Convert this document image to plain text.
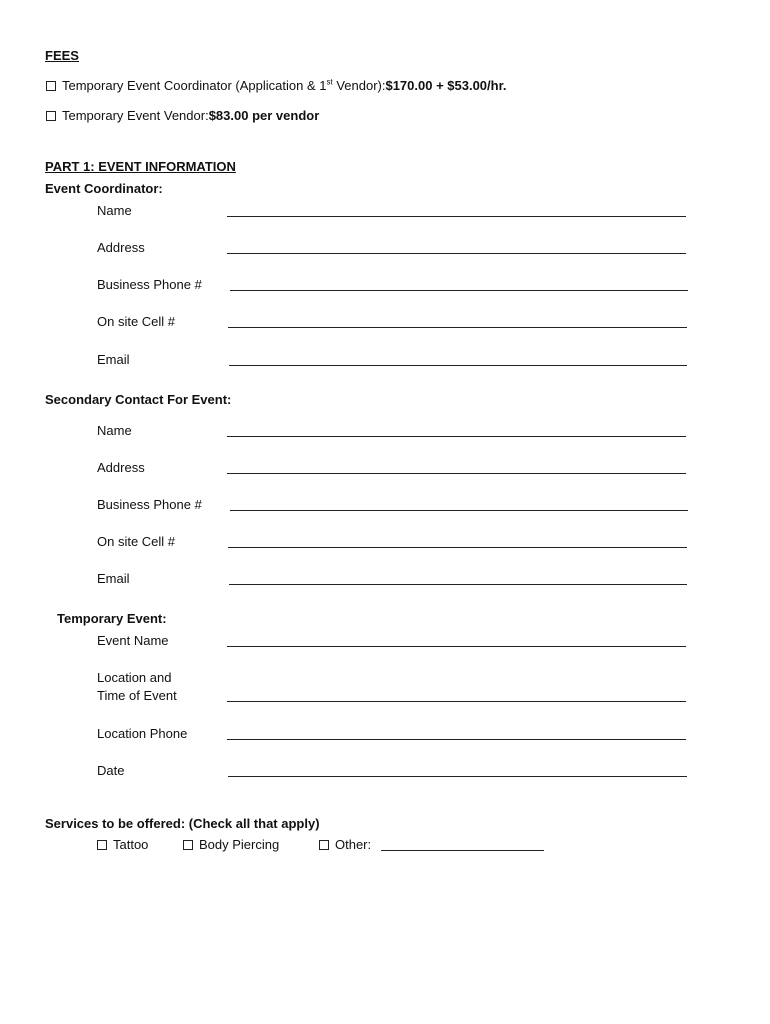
FEES
Temporary Event Coordinator (Application & 1st Vendor): $170.00 + $53.00/hr.
Temporary Event Vendor: $83.00 per vendor
PART 1: EVENT INFORMATION
Event Coordinator:
Name
Address
Business Phone #
On site Cell #
Email
Secondary Contact For Event:
Name
Address
Business Phone #
On site Cell #
Email
Temporary Event:
Event Name
Location and
Time of Event
Location Phone
Date
Services to be offered: (Check all that apply)
Tattoo	Body Piercing	Other:
